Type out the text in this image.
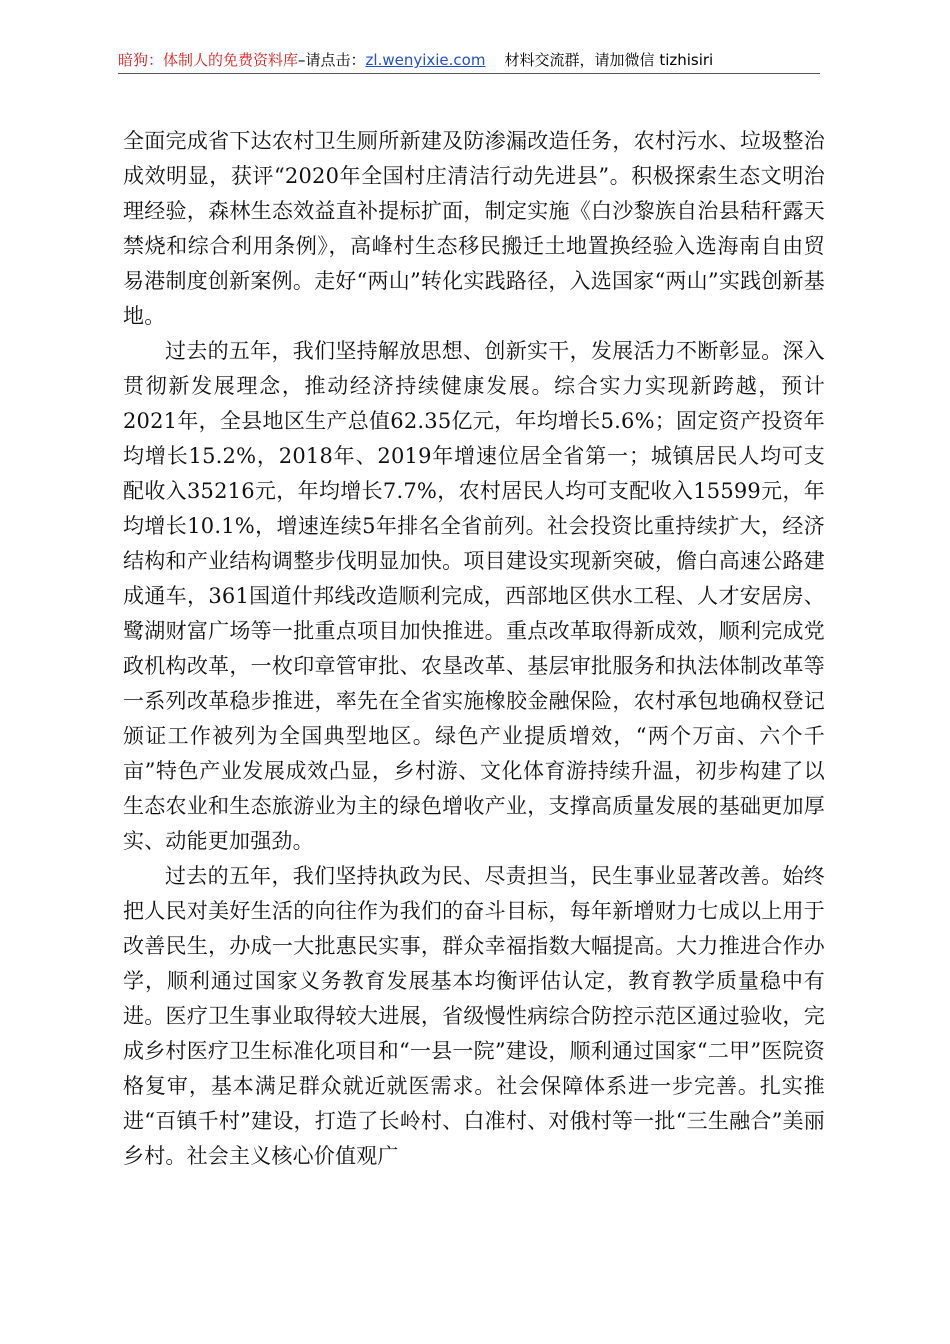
暗狗：体制人的免费资料库–请点击：zl.wenyixie.com 材料交流群，请加微信 tizhisiri

全面完成省下达农村卫生厕所新建及防渗漏改造任务，农村污水、垃圾整治成效明显，获评“2020年全国村庄清洁行动先进县”。积极探索生态文明治理经验，森林生态效益直补提标扩面，制定实施《白沙黎族自治县秸秆露天禁烧和综合利用条例》，高峰村生态移民搬迁土地置换经验入选海南自由贸易港制度创新案例。走好“两山”转化实践路径，入选国家“两山”实践创新基地。

过去的五年，我们坚持解放思想、创新实干，发展活力不断彰显。深入贯彻新发展理念，推动经济持续健康发展。综合实力实现新跨越，预计2021年，全县地区生产总值62.35亿元，年均增长5.6%；固定资产投资年均增长15.2%，2018年、2019年增速位居全省第一；城镇居民人均可支配收入35216元，年均增长7.7%，农村居民人均可支配收入15599元，年均增长10.1%，增速连续5年排名全省前列。社会投资比重持续扩大，经济结构和产业结构调整步伐明显加快。项目建设实现新突破，儋白高速公路建成通车，361国道什邦线改造顺利完成，西部地区供水工程、人才安居房、鹭湖财富广场等一批重点项目加快推进。重点改革取得新成效，顺利完成党政机构改革，一枚印章管审批、农垦改革、基层审批服务和执法体制改革等一系列改革稳步推进，率先在全省实施橡胶金融保险，农村承包地确权登记颁证工作被列为全国典型地区。绿色产业提质增效，“两个万亩、六个千亩”特色产业发展成效凸显，乡村游、文化体育游持续升温，初步构建了以生态农业和生态旅游业为主的绿色增收产业，支撑高质量发展的基础更加厚实、动能更加强劲。

过去的五年，我们坚持执政为民、尽责担当，民生事业显著改善。始终把人民对美好生活的向往作为我们的奋斗目标，每年新增财力七成以上用于改善民生，办成一大批惠民实事，群众幸福指数大幅提高。大力推进合作办学，顺利通过国家义务教育发展基本均衡评估认定，教育教学质量稳中有进。医疗卫生事业取得较大进展，省级慢性病综合防控示范区通过验收，完成乡村医疗卫生标准化项目和“一县一院”建设，顺利通过国家“二甲”医院资格复审，基本满足群众就近就医需求。社会保障体系进一步完善。扎实推进“百镇千村”建设，打造了长岭村、白准村、对俄村等一批“三生融合”美丽乡村。社会主义核心价值观广
